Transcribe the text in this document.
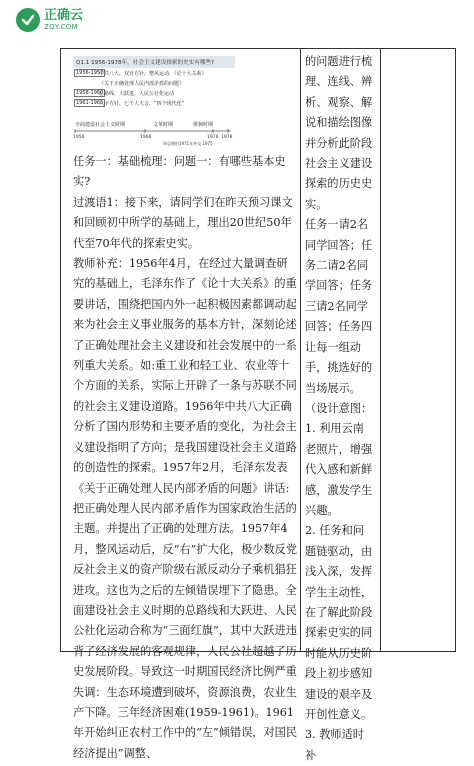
正确云
ZQY.COM
Q1.1 1956-1978年，社会主义建设探索的史实有哪些?
1956-1957
中共八大、双百方针、整风运动、《论十大关系》
《关于正确处理人民内部矛盾的问题》
1958-1960
总路线、大跃进、人民公社化运动
1961-1965
八字方针、七千人大会、“四个现代化”
全面建设社会主义时期	文革时期	徘徊时期
1956	1966	1976 1978
周总理的1971年外交 1975

任务一：基础梳理：问题一：有哪些基本史实?

过渡语1：接下来，请同学们在昨天预习课文和回顾初中所学的基础上，理出20世纪50年代至70年代的探索史实。

教师补充：1956年4月，在经过大量调查研究的基础上，毛泽东作了《论十大关系》的重要讲话，围绕把国内外一起积极因素都调动起来为社会主义事业服务的基本方针，深刻论述了正确处理社会主义建设和社会发展中的一系列重大关系。如:重工业和轻工业、农业等十个方面的关系，实际上开辟了一条与苏联不同的社会主义建设道路。1956年中共八大正确分析了国内形势和主要矛盾的变化，为社会主义建设指明了方向；是我国建设社会主义道路的创造性的探索。1957年2月，毛泽东发表《关于正确处理人民内部矛盾的问题》讲话:把正确处理人民内部矛盾作为国家政治生活的主题。并提出了正确的处理方法。1957年4月，整风运动后，反“右”扩大化，极少数反党反社会主义的资产阶级右派反动分子乘机猖狂进攻。这也为之后的左倾错误埋下了隐患。全面建设社会主义时期的总路线和大跃进、人民公社化运动合称为“三面红旗”，其中大跃进违背了经济发展的客观规律，人民公社超越了历史发展阶段。导致这一时期国民经济比例严重失调：生态环境遭到破坏，资源浪费，农业生产下降。三年经济困难(1959-1961)。1961年开始纠正农村工作中的“左”倾错误，对国民经济提出”调整、

的问题进行梳理、连线、辨析、观察、解说和描绘图像并分析此阶段社会主义建设探索的历史史实。

任务一请2名同学回答；任务二请2名同学回答；任务三请2名同学回答；任务四让每一组动手，挑选好的当场展示。（设计意图：

1. 利用云南老照片，增强代入感和新鲜感，激发学生兴趣。

2. 任务和问题链驱动，由浅入深，发挥学生主动性，在了解此阶段探索史实的同时能从历史阶段上初步感知建设的艰辛及开创性意义。

3. 教师适时补
